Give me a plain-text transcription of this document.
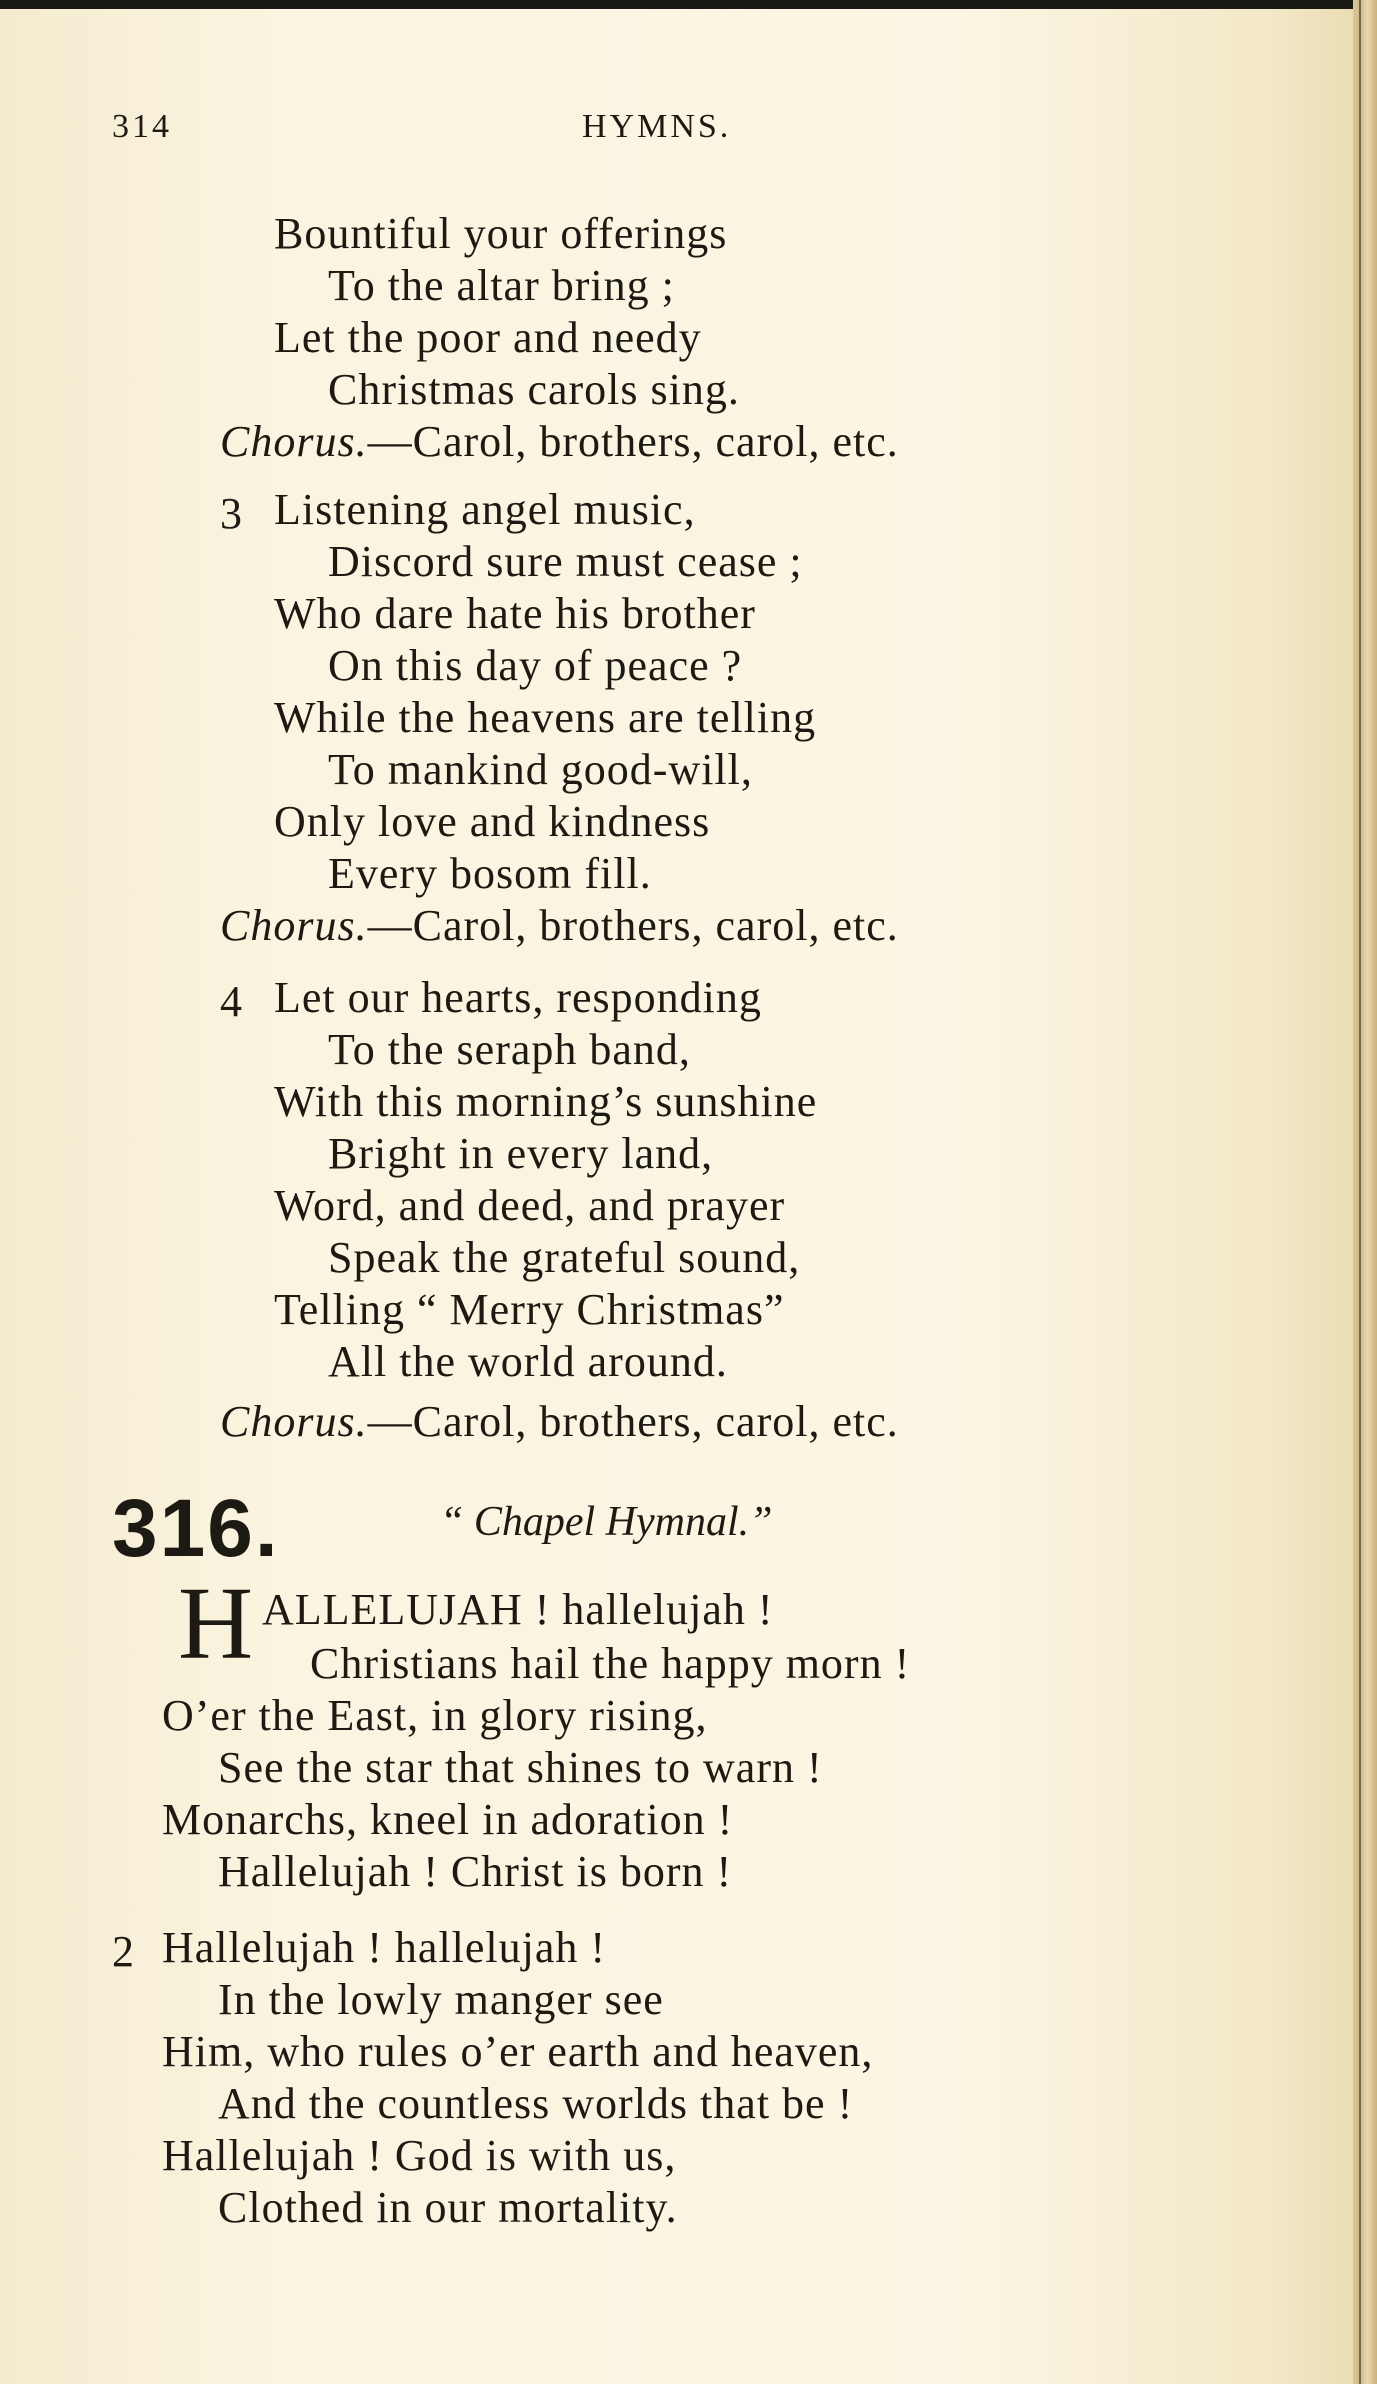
314	HYMNS.
Bountiful your offerings
To the altar bring ;
Let the poor and needy
Christmas carols sing.
Chorus.—Carol, brothers, carol, etc.
3 Listening angel music,
Discord sure must cease ;
Who dare hate his brother
On this day of peace ?
While the heavens are telling
To mankind good-will,
Only love and kindness
Every bosom fill.
Chorus.—Carol, brothers, carol, etc.
4 Let our hearts, responding
To the seraph band,
With this morning’s sunshine
Bright in every land,
Word, and deed, and prayer
Speak the grateful sound,
Telling “ Merry Christmas”
All the world around.
Chorus.—Carol, brothers, carol, etc.
316.	“ Chapel Hymnal.”
H ALLELUJAH ! hallelujah !
Christians hail the happy morn !
O’er the East, in glory rising,
See the star that shines to warn !
Monarchs, kneel in adoration !
Hallelujah ! Christ is born !
2 Hallelujah ! hallelujah !
In the lowly manger see
Him, who rules o’er earth and heaven,
And the countless worlds that be !
Hallelujah ! God is with us,
Clothed in our mortality.
